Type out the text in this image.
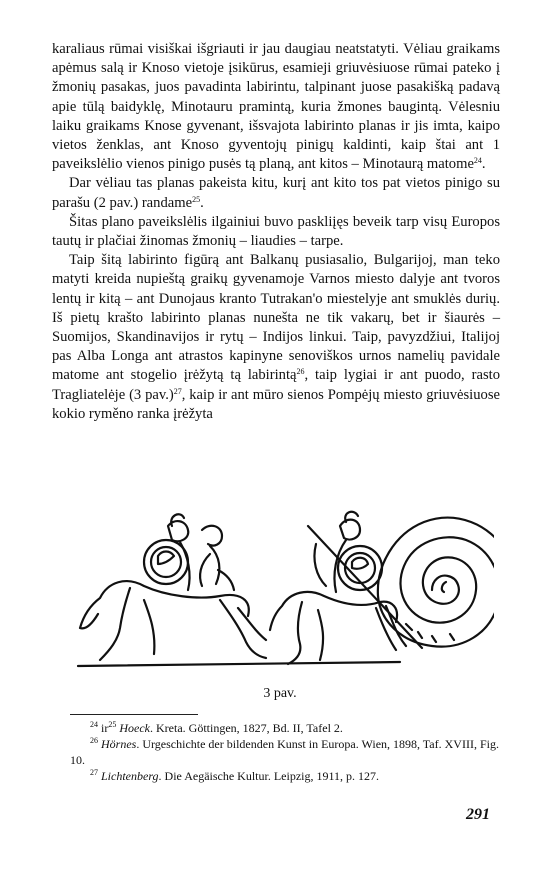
karaliaus rūmai visiškai išgriauti ir jau daugiau neatstatyti. Vėliau graikams apėmus salą ir Knoso vietoje įsikūrus, esamieji griuvėsiuose rūmai pateko į žmonių pasakas, juos pavadinta labirintu, talpinant juose pasakišką padavą apie tūlą baidyklę, Minotauru pramintą, kuria žmones baugintą. Vėlesniu laiku graikams Knose gyvenant, išsvajota labirinto planas ir jis imta, kaipo vietos ženklas, ant Knoso gyventojų pinigų kaldinti, kaip štai ant 1 paveikslėlio vienos pinigo pusės tą planą, ant kitos – Minotaurą matome$^{24}$.

Dar vėliau tas planas pakeista kitu, kurį ant kito tos pat vietos pinigo su parašu (2 pav.) randame$^{25}$.

Šitas plano paveikslėlis ilgainiui buvo paskliįęs beveik tarp visų Europos tautų ir plačiai žinomas žmonių – liaudies – tarpe.

Taip šitą labirinto figūrą ant Balkanų pusiasalio, Bulgarijoj, man teko matyti kreida nupieštą graikų gyvenamoje Varnos miesto dalyje ant tvoros lentų ir kitą – ant Dunojaus kranto Tutrakan'o miestelyje ant smuklės durių. Iš pietų krašto labirinto planas nunešta ne tik vakarų, bet ir šiaurės – Suomijos, Skandinavijos ir rytų – Indijos linkui. Taip, pavyzdžiui, Italijoj pas Alba Longa ant atrastos kapinyne senoviškos urnos namelių pavidale matome ant stogelio įrėžytą tą labirintą$^{26}$, taip lygiai ir ant puodo, rasto Tragliatelėje (3 pav.)$^{27}$, kaip ir ant mūro sienos Pompėjų miesto griuvėsiuose kokio ryměno ranka įrėžyta

3 pav.

$^{24}$ $ir^{25}$ Hoeck. Kreta. Göttingen, 1827, Bd. II, Tafel 2.

$^{26}$ Hörnes. Urgeschichte der bildenden Kunst in Europa. Wien, 1898, Taf. XVIII, Fig. 10.

$^{27}$ Lichtenberg. Die Aegäische Kultur. Leipzig, 1911, p. 127.

291
